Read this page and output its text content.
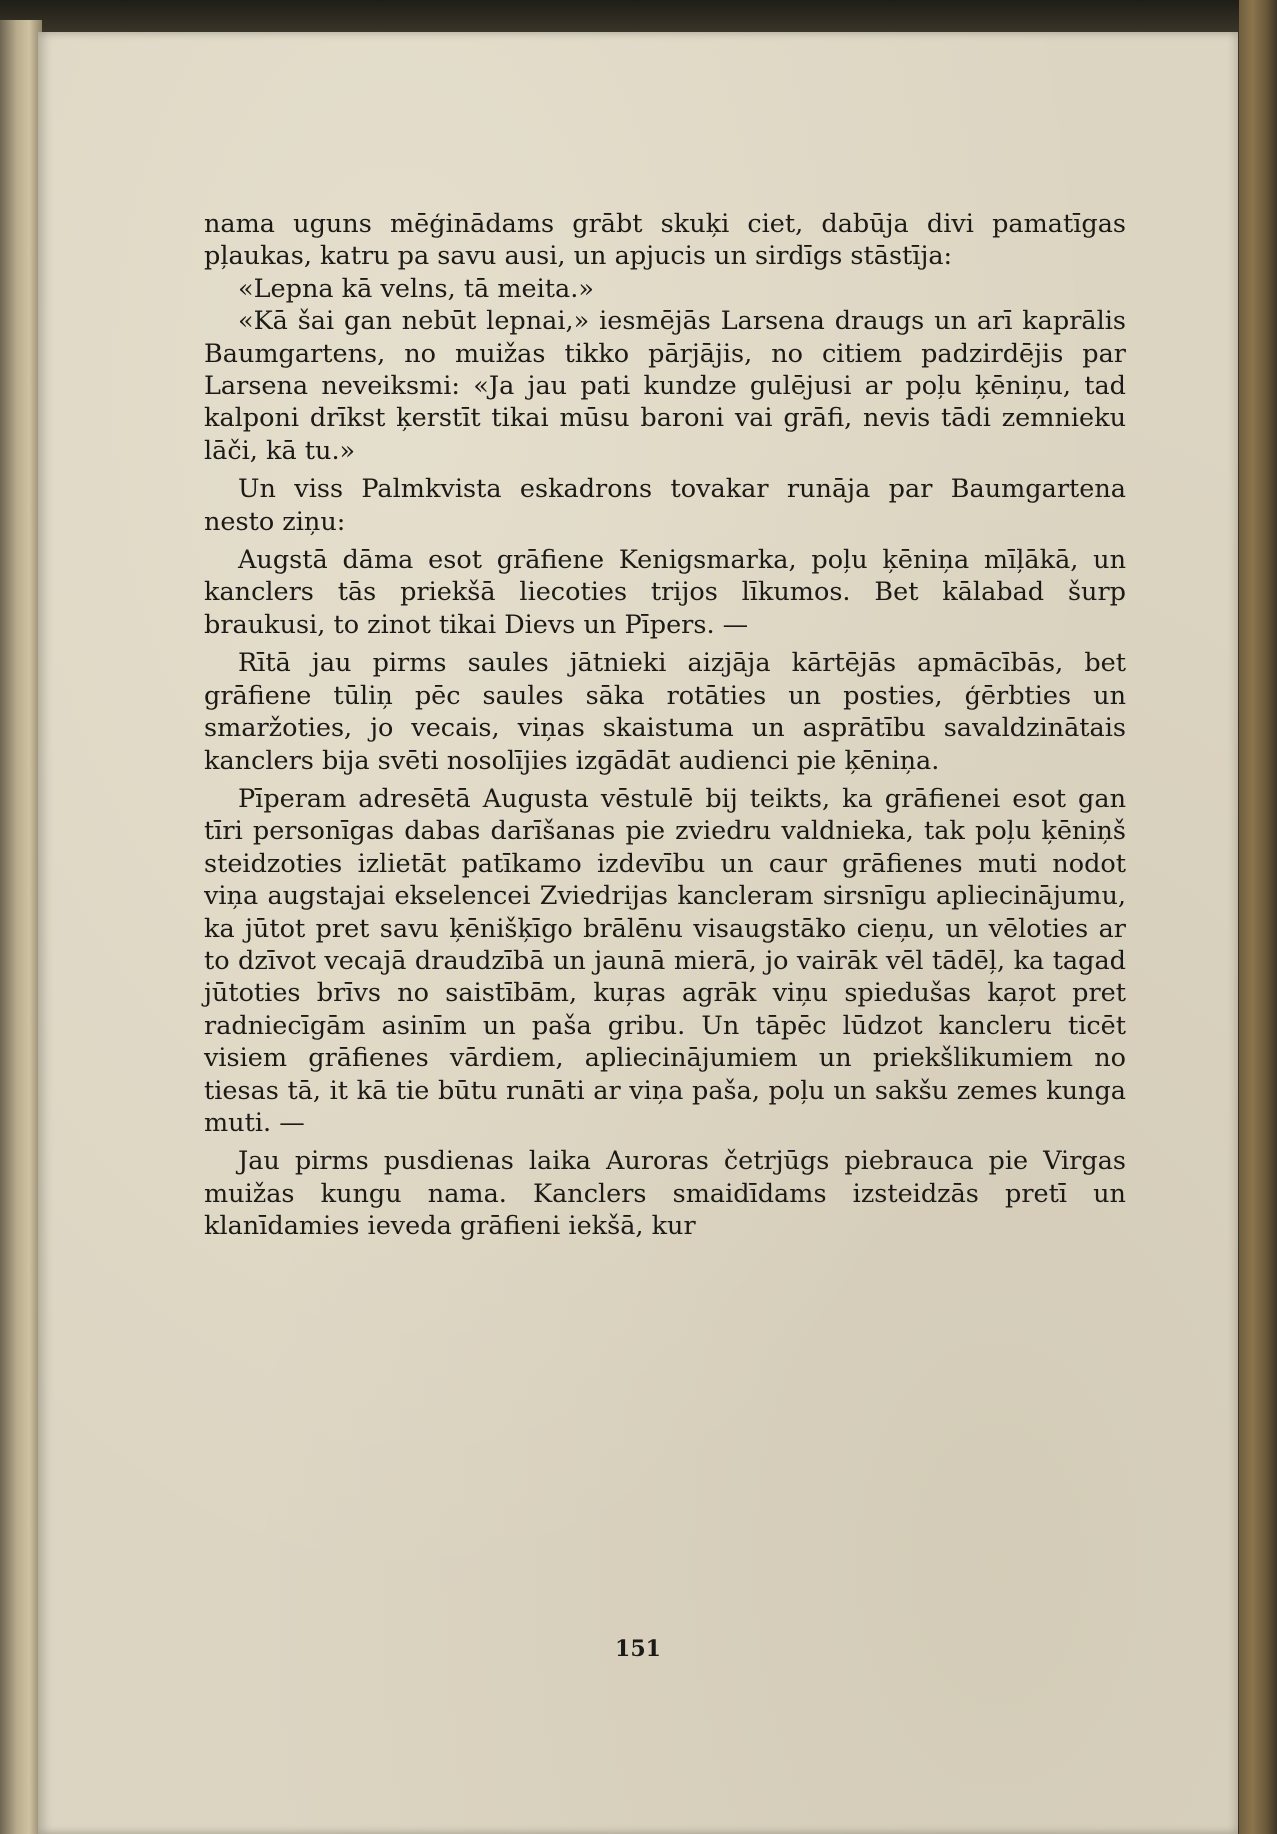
nama uguns mēģinādams grābt skuķi ciet, dabūja divi pamatīgas pļaukas, katru pa savu ausi, un apjucis un sirdīgs stāstīja:

«Lepna kā velns, tā meita.»

«Kā šai gan nebūt lepnai,» iesmējās Larsena draugs un arī kaprālis Baumgartens, no muižas tikko pārjājis, no citiem padzirdējis par Larsena neveiksmi: «Ja jau pati kundze gulējusi ar poļu ķēniņu, tad kalponi drīkst ķerstīt tikai mūsu baroni vai grāfi, nevis tādi zemnieku lāči, kā tu.»

Un viss Palmkvista eskadrons tovakar runāja par Baumgartena nesto ziņu:

Augstā dāma esot grāfiene Kenigsmarka, poļu ķēniņa mīļākā, un kanclers tās priekšā liecoties trijos līkumos. Bet kālabad šurp braukusi, to zinot tikai Dievs un Pīpers. —

Rītā jau pirms saules jātnieki aizjāja kārtējās apmācībās, bet grāfiene tūliņ pēc saules sāka rotāties un posties, ģērbties un smaržoties, jo vecais, viņas skaistuma un asprātību savaldzinātais kanclers bija svēti nosolījies izgādāt audienci pie ķēniņa.

Pīperam adresētā Augusta vēstulē bij teikts, ka grāfienei esot gan tīri personīgas dabas darīšanas pie zviedru valdnieka, tak poļu ķēniņš steidzoties izlietāt patīkamo izdevību un caur grāfienes muti nodot viņa augstajai ekselencei Zviedrijas kancleram sirsnīgu apliecinājumu, ka jūtot pret savu ķēnišķīgo brālēnu visaugstāko cieņu, un vēloties ar to dzīvot vecajā draudzībā un jaunā mierā, jo vairāk vēl tādēļ, ka tagad jūtoties brīvs no saistībām, kuŗas agrāk viņu spiedušas kaŗot pret radniecīgām asinīm un paša gribu. Un tāpēc lūdzot kancleru ticēt visiem grāfienes vārdiem, apliecinājumiem un priekšlikumiem no tiesas tā, it kā tie būtu runāti ar viņa paša, poļu un sakšu zemes kunga muti. —

Jau pirms pusdienas laika Auroras četrjūgs piebrauca pie Virgas muižas kungu nama. Kanclers smaidīdams izsteidzās pretī un klanīdamies ieveda grāfieni iekšā, kur

151
